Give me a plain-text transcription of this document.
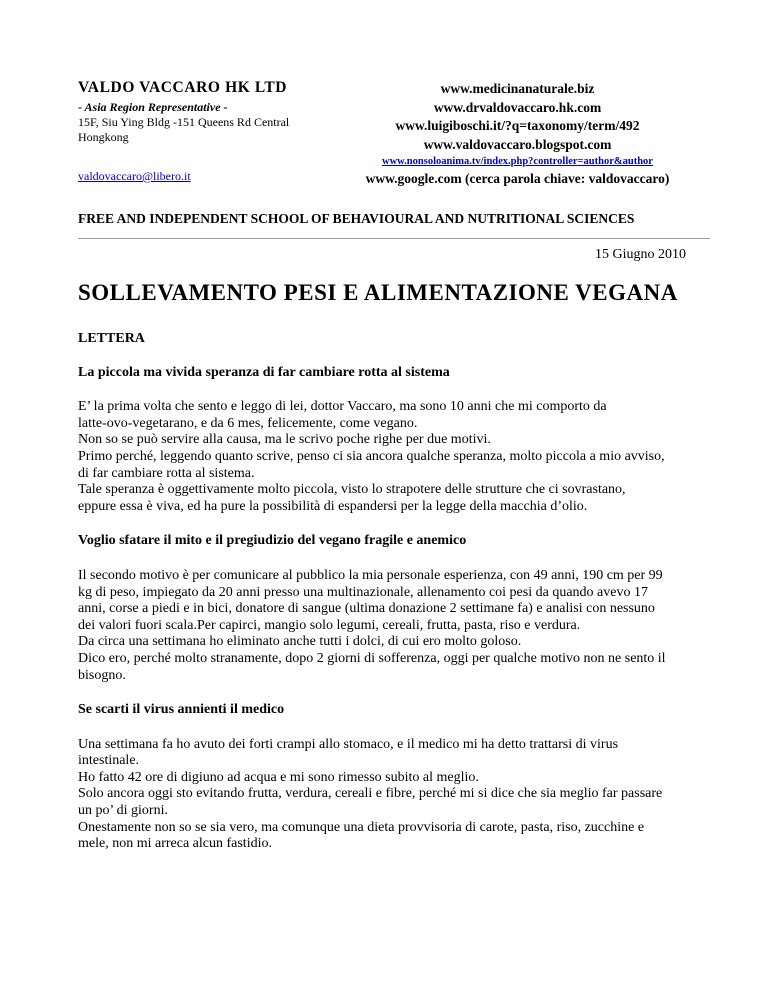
VALDO VACCARO HK LTD
- Asia Region Representative -
15F, Siu Ying Bldg -151 Queens Rd Central
Hongkong
valdovaccaro@libero.it
www.medicinanaturale.biz
www.drvaldovaccaro.hk.com
www.luigiboschi.it/?q=taxonomy/term/492
www.valdovaccaro.blogspot.com
www.nonsoloanima.tv/index.php?controller=author&author
www.google.com (cerca parola chiave: valdovaccaro)
FREE AND INDEPENDENT SCHOOL OF BEHAVIOURAL AND NUTRITIONAL SCIENCES
15 Giugno 2010
SOLLEVAMENTO PESI E ALIMENTAZIONE VEGANA

LETTERA

La piccola ma vivida speranza di far cambiare rotta al sistema

E’ la prima volta che sento e leggo di lei, dottor Vaccaro, ma sono 10 anni che mi comporto da

latte-ovo-vegetarano, e da 6 mes, felicemente, come vegano.

Non so se può servire alla causa, ma le scrivo poche righe per due motivi.

Primo perché, leggendo quanto scrive, penso ci sia ancora qualche speranza, molto piccola a mio avviso,

di far cambiare rotta al sistema.

Tale speranza è oggettivamente molto piccola, visto lo strapotere delle strutture che ci sovrastano,

eppure essa è viva, ed ha pure la possibilità di espandersi per la legge della macchia d’olio.

Voglio sfatare il mito e il pregiudizio del vegano fragile e anemico

Il secondo motivo è per comunicare al pubblico la mia personale esperienza, con 49 anni, 190 cm per 99

kg di peso, impiegato da 20 anni presso una multinazionale, allenamento coi pesi da quando avevo 17

anni, corse a piedi e in bici, donatore di sangue (ultima donazione 2 settimane fa) e analisi con nessuno

dei valori fuori scala.Per capirci, mangio solo legumi, cereali, frutta, pasta, riso e verdura.

Da circa una settimana ho eliminato anche tutti i dolci, di cui ero molto goloso.

Dico ero, perché molto stranamente, dopo 2 giorni di sofferenza, oggi per qualche motivo non ne sento il

bisogno.

Se scarti il virus annienti il medico

Una settimana fa ho avuto dei forti crampi allo stomaco, e il medico mi ha detto trattarsi di virus

intestinale.

Ho fatto 42 ore di digiuno ad acqua e mi sono rimesso subito al meglio.

Solo ancora oggi sto evitando frutta, verdura, cereali e fibre, perché mi si dice che sia meglio far passare

un po’ di giorni.

Onestamente non so se sia vero, ma comunque una dieta provvisoria di carote, pasta, riso, zucchine e

mele, non mi arreca alcun fastidio.
